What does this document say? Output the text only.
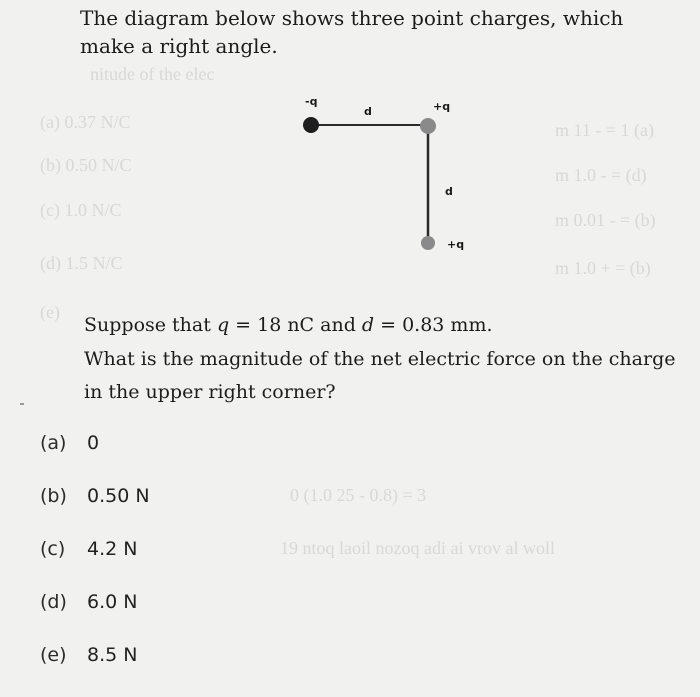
nitude of the elec
(a) 0.37 N/C
(b) 0.50 N/C
(c) 1.0 N/C
(d) 1.5 N/C
(e)
m 11 - = 1 (a)
m 1.0 - = (d)
m 0.01 - = (b)
m 1.0 + = (b)
0 (1.0 25 - 0.8) = 3
19 ntoq laoil nozoq adi ai vrov al woll
The diagram below shows three point charges, which make a right angle.
-q
d	+q
d
+q

Suppose that q = 18 nC and d = 0.83 mm.

What is the magnitude of the net electric force on the charge in the upper right corner?

(a)	0
(b)	0.50 N
(c)	4.2 N
(d)	6.0 N
(e)	8.5 N
